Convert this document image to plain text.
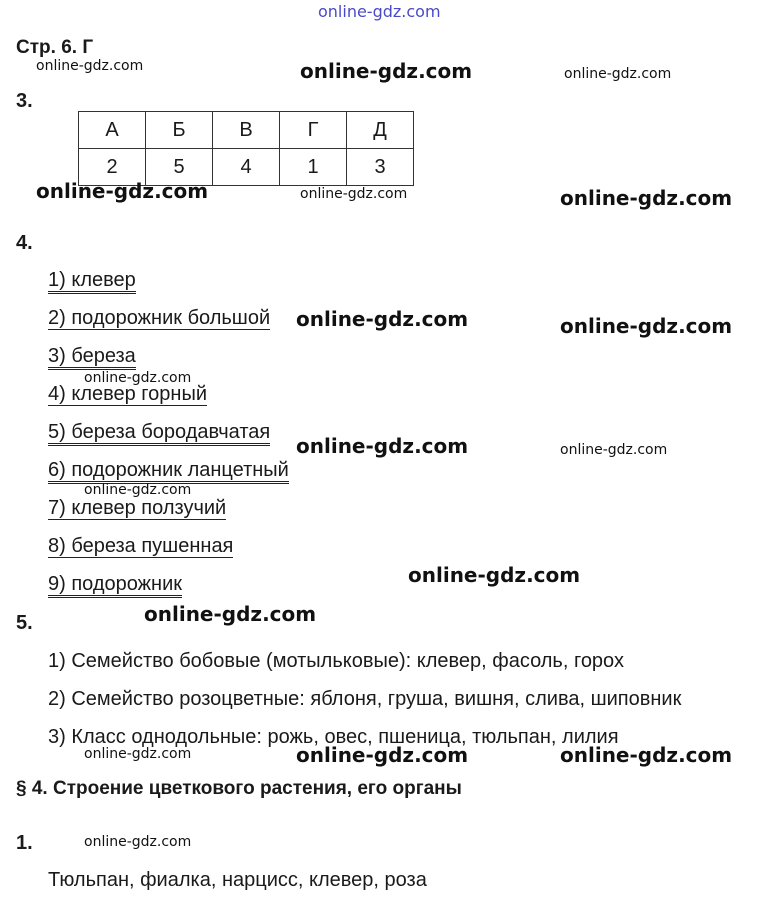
online-gdz.com
Стр. 6. Г
3.
А	Б	В	Г	Д
2	5	4	1	3
4.
1) клевер
2) подорожник большой
3) береза
4) клевер горный
5) береза бородавчатая
6) подорожник ланцетный
7) клевер ползучий
8) береза пушенная
9) подорожник
5.
1) Семейство бобовые (мотыльковые): клевер, фасоль, горох
2) Семейство розоцветные: яблоня, груша, вишня, слива, шиповник
3) Класс однодольные: рожь, овес, пшеница, тюльпан, лилия
§ 4. Строение цветкового растения, его органы
1.
Тюльпан, фиалка, нарцисс, клевер, роза
online-gdz.com	online-gdz.com	online-gdz.com
online-gdz.com	online-gdz.com	online-gdz.com
online-gdz.com	online-gdz.com
online-gdz.com
online-gdz.com	online-gdz.com
online-gdz.com
online-gdz.com
online-gdz.com
online-gdz.com	online-gdz.com	online-gdz.com
online-gdz.com
